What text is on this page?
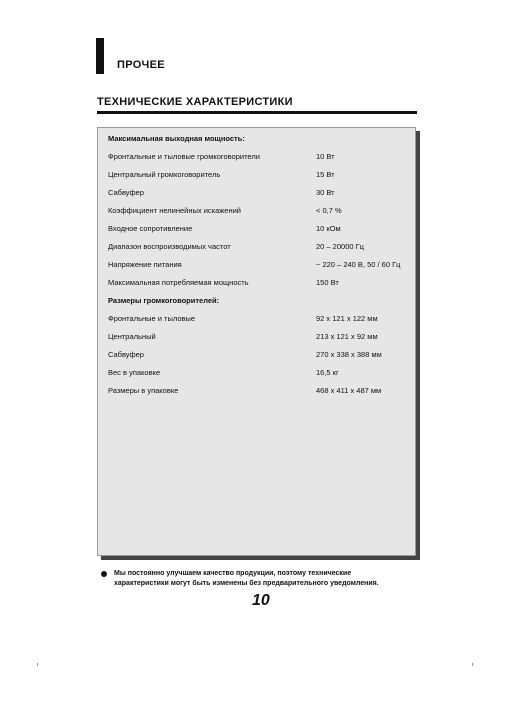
ПРОЧЕЕ
ТЕХНИЧЕСКИЕ ХАРАКТЕРИСТИКИ
Максимальная выходная мощность:
Фронтальные и тыловые громкоговорители	10 Вт
Центральный громкоговоритель	15 Вт
Сабвуфер	30 Вт
Коэффициент нелинейных искажений	< 0,7 %
Входное сопротивление	10 кОм
Диапазон воспроизводимых частот	20 – 20000 Гц
Напряжение питания	~ 220 – 240 В, 50 / 60 Гц
Максимальная потребляемая мощность	150 Вт
Размеры громкоговорителей:
Фронтальные и тыловые	92 x 121 x 122 мм
Центральный	213 x 121 x 92 мм
Сабвуфер	270 x 338 x 388 мм
Вес в упаковке	16,5 кг
Размеры в упаковке	468 x 411 x 487 мм
Мы постоянно улучшаем качество продукции, поэтому технические характеристики могут быть изменены без предварительного уведомления.
10
